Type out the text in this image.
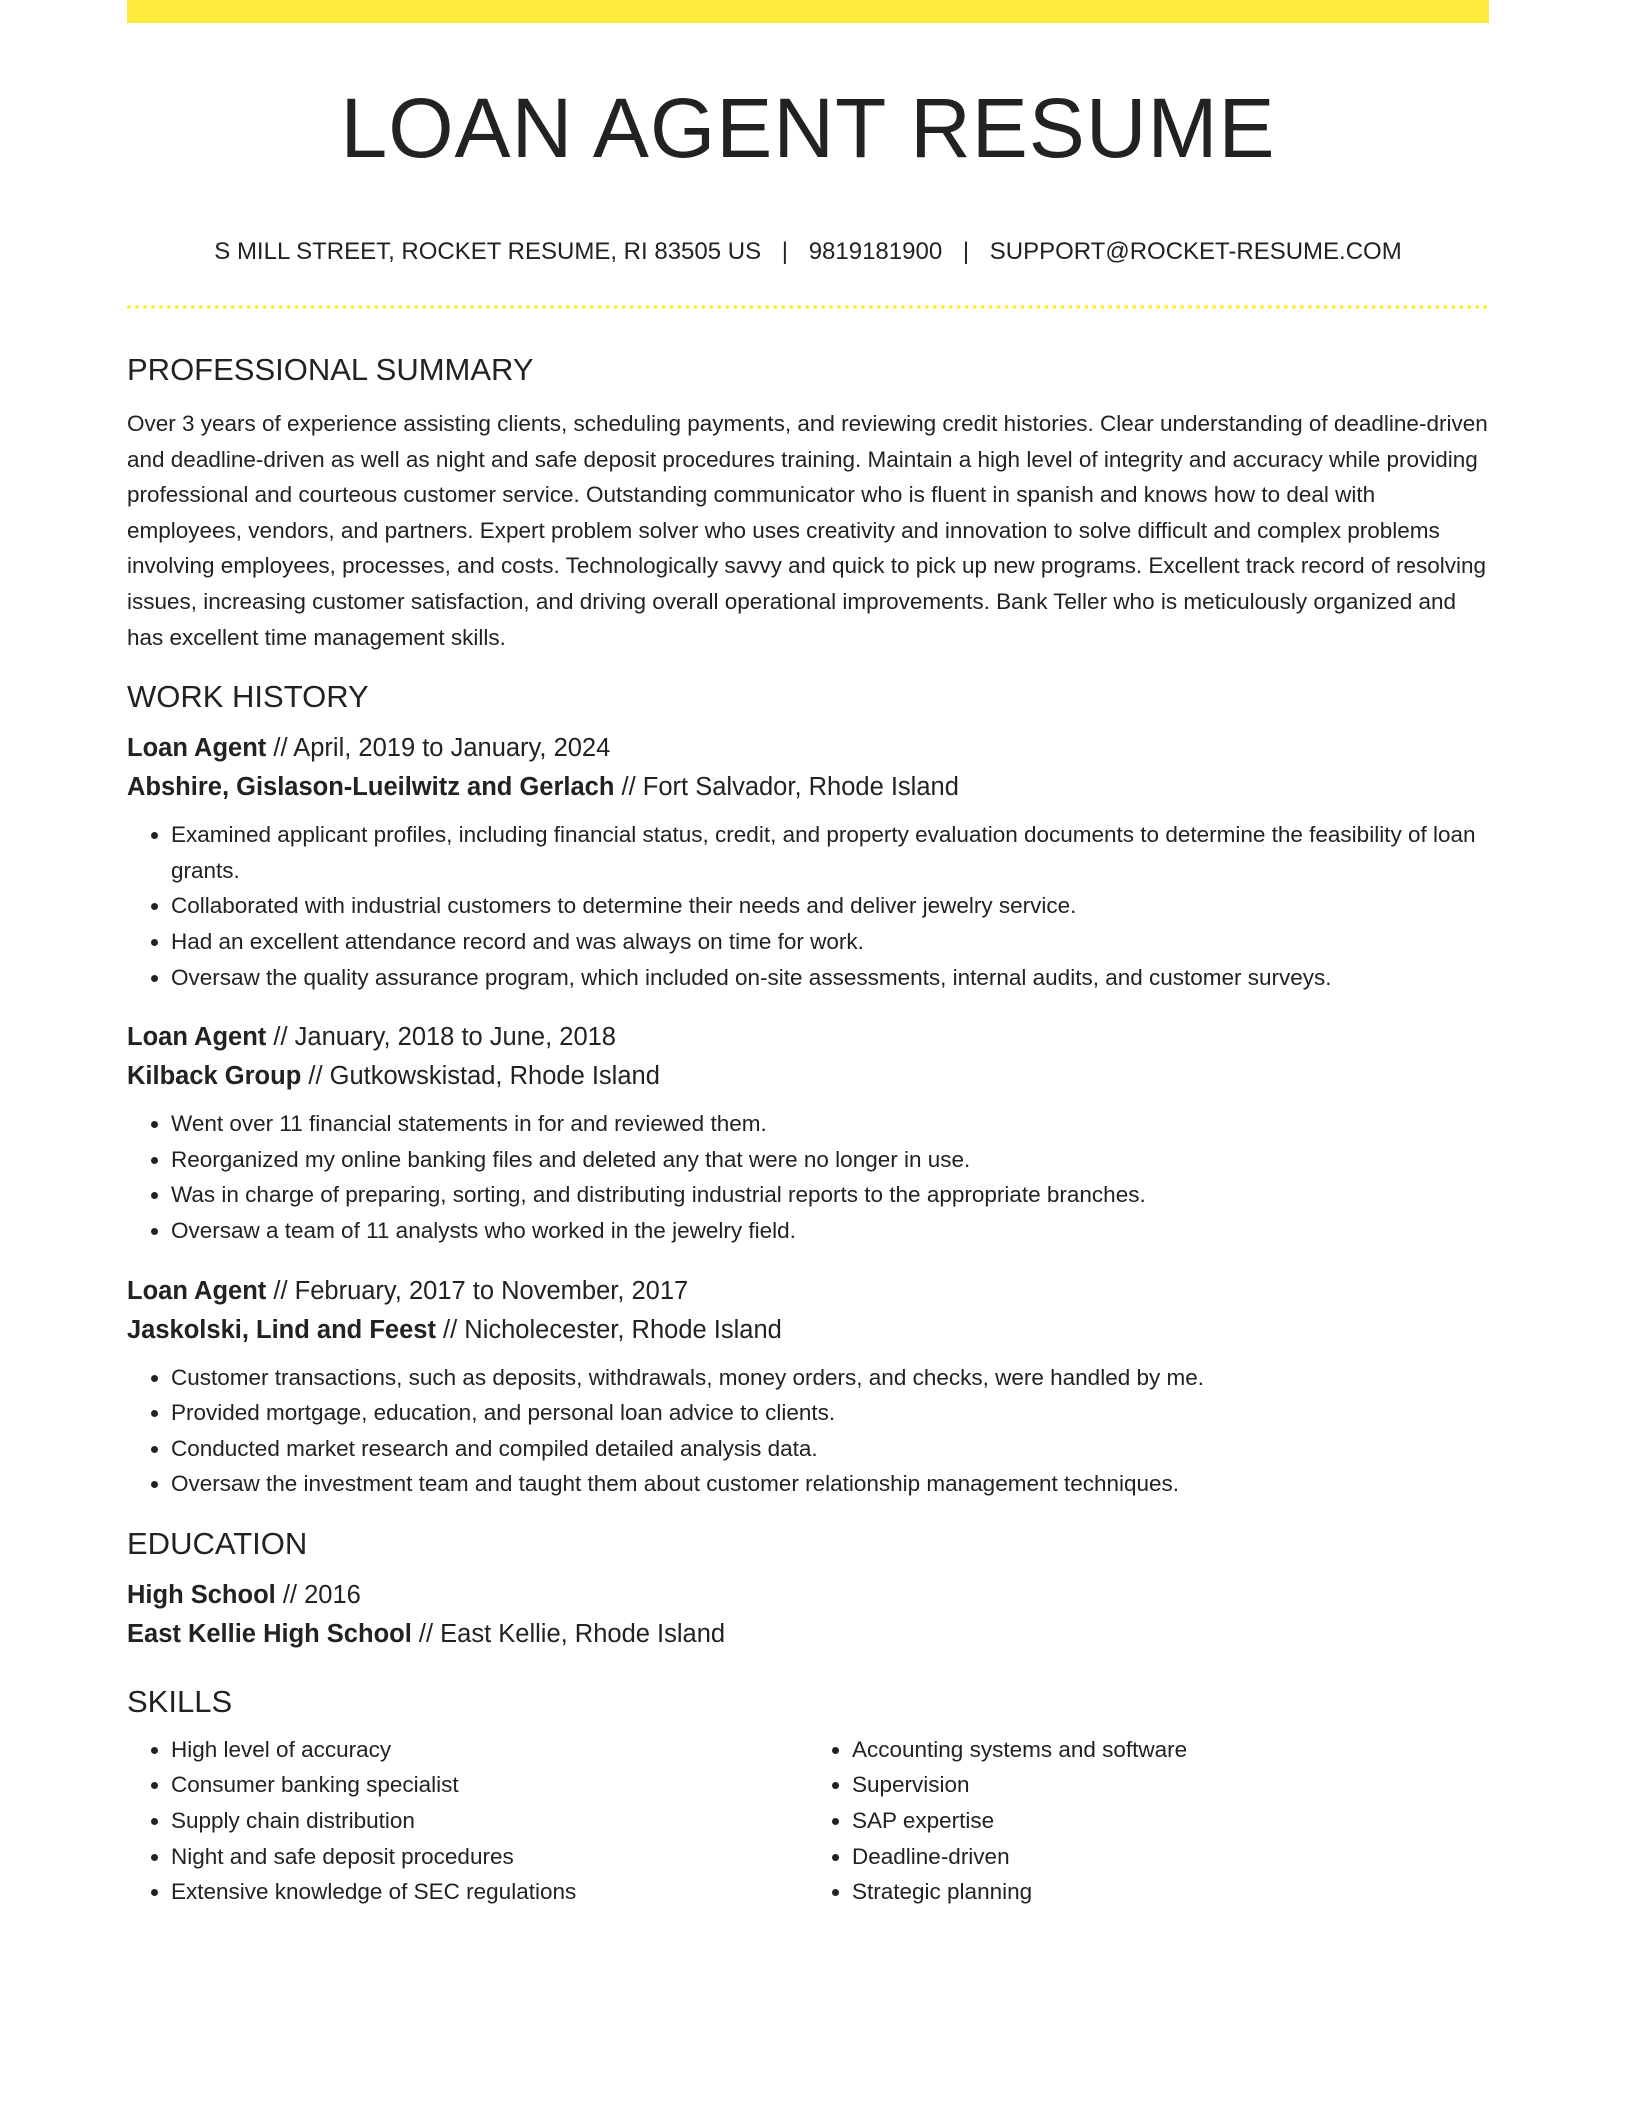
LOAN AGENT RESUME
S MILL STREET, ROCKET RESUME, RI 83505 US | 9819181900 | SUPPORT@ROCKET-RESUME.COM
PROFESSIONAL SUMMARY

Over 3 years of experience assisting clients, scheduling payments, and reviewing credit histories. Clear understanding of deadline-driven and deadline-driven as well as night and safe deposit procedures training. Maintain a high level of integrity and accuracy while providing professional and courteous customer service. Outstanding communicator who is fluent in spanish and knows how to deal with employees, vendors, and partners. Expert problem solver who uses creativity and innovation to solve difficult and complex problems involving employees, processes, and costs. Technologically savvy and quick to pick up new programs. Excellent track record of resolving issues, increasing customer satisfaction, and driving overall operational improvements. Bank Teller who is meticulously organized and has excellent time management skills.

WORK HISTORY

Loan Agent // April, 2019 to January, 2024

Abshire, Gislason-Lueilwitz and Gerlach // Fort Salvador, Rhode Island

• Examined applicant profiles, including financial status, credit, and property evaluation documents to determine the feasibility of loan grants.
• Collaborated with industrial customers to determine their needs and deliver jewelry service.
• Had an excellent attendance record and was always on time for work.
• Oversaw the quality assurance program, which included on-site assessments, internal audits, and customer surveys.

Loan Agent // January, 2018 to June, 2018

Kilback Group // Gutkowskistad, Rhode Island

• Went over 11 financial statements in for and reviewed them.
• Reorganized my online banking files and deleted any that were no longer in use.
• Was in charge of preparing, sorting, and distributing industrial reports to the appropriate branches.
• Oversaw a team of 11 analysts who worked in the jewelry field.

Loan Agent // February, 2017 to November, 2017

Jaskolski, Lind and Feest // Nicholecester, Rhode Island

• Customer transactions, such as deposits, withdrawals, money orders, and checks, were handled by me.
• Provided mortgage, education, and personal loan advice to clients.
• Conducted market research and compiled detailed analysis data.
• Oversaw the investment team and taught them about customer relationship management techniques.
EDUCATION

High School // 2016

East Kellie High School // East Kellie, Rhode Island

SKILLS
• High level of accuracy
• Consumer banking specialist
• Supply chain distribution
• Night and safe deposit procedures
• Extensive knowledge of SEC regulations
• Accounting systems and software
• Supervision
• SAP expertise
• Deadline-driven
• Strategic planning
